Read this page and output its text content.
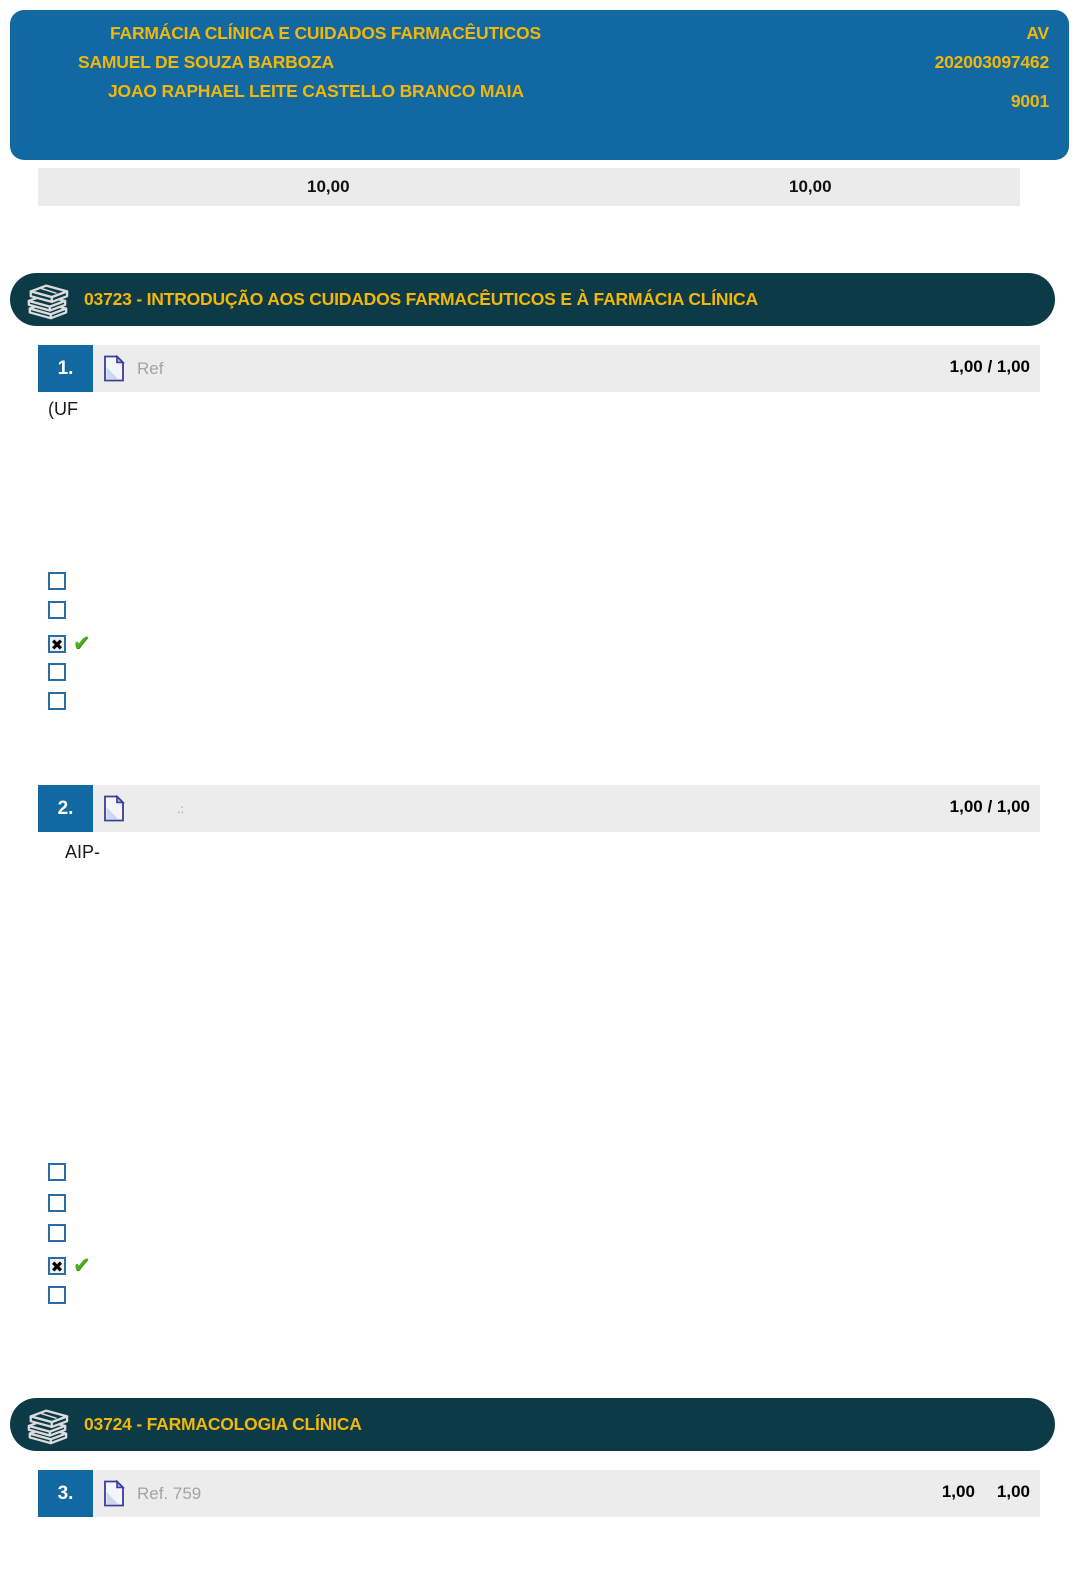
FARMÁCIA CLÍNICA E CUIDADOS FARMACÊUTICOS
SAMUEL DE SOUZA BARBOZA
JOAO RAPHAEL LEITE CASTELLO BRANCO MAIA
AV
202003097462
9001
10,00	10,00
03723 - INTRODUÇÃO AOS CUIDADOS FARMACÊUTICOS E À FARMÁCIA CLÍNICA
1.	Ref	1,00 / 1,00
(UF
✖ ✔
2.	.:	1,00 / 1,00
AIP-
✖ ✔
03724 - FARMACOLOGIA CLÍNICA
3.	Ref. 759	1,00 1,00
